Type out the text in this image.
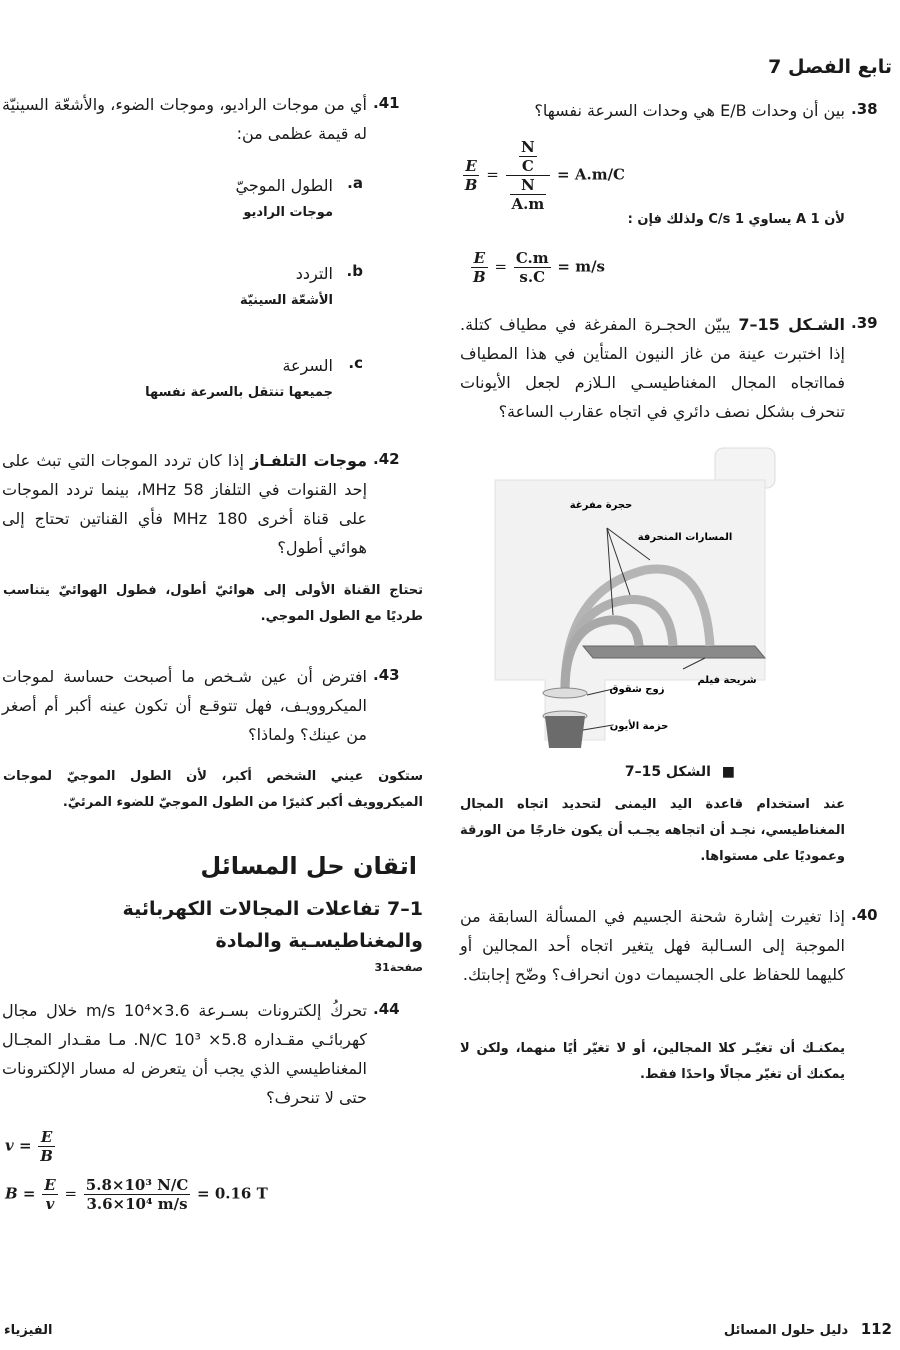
تابع الفصل 7
.38

بين أن وحدات E/B هي وحدات السرعة نفسها؟

$\frac{E}{B} = \frac{\frac{N}{C}}{\frac{N}{A.m}} = A.m/C$
لأن 1 A يساوي 1 C/s ولذلك فإن :
$\frac{E}{B} = \frac{C.m}{s.C} = m/s$
.39

الشـكل 15–7 يبيّن الحجـرة المفرغة في مطياف كتلة. إذا اختبرت عينة من غاز النيون المتأين في هذا المطياف فمااتجاه المجال المغناطيسـي الـلازم لجعل الأيونات تنحرف بشكل نصف دائري في اتجاه عقارب الساعة؟

حجرة مفرغة
المسارات المنحرفة
شريحة فيلم
زوج شقوق
حزمة الأيون
■ الشكل 15–7

عند استخدام قاعدة اليد اليمنى لتحديد اتجاه المجال المغناطيسي، نجـد أن اتجاهه يجـب أن يكون خارجًا من الورقة وعموديًا على مستواها.

.40

إذا تغيرت إشارة شحنة الجسيم في المسألة السابقة من الموجبة إلى السـالبة فهل يتغير اتجاه أحد المجالين أو كليهما للحفاظ على الجسيمات دون انحراف؟ وضّح إجابتك.

يمكنـك أن تغيّـر كلا المجالين، أو لا تغيّر أيًا منهما، ولكن لا يمكنك أن تغيّر مجالًا واحدًا فقط.

.41

أي من موجات الراديو، وموجات الضوء، والأشعّة السينيّة له قيمة عظمى من:

a.

الطول الموجيّ

موجات الراديو

b.

التردد

الأشعّة السينيّة

c.

السرعة

جميعها تنتقل بالسرعة نفسها

.42

موجات التلفـاز إذا كان تردد الموجات التي تبث على إحد القنوات في التلفاز 58 MHz، بينما تردد الموجات على قناة أخرى 180 MHz فأي القناتين تحتاج إلى هوائي أطول؟

تحتاج القناة الأولى إلى هوائيّ أطول، فطول الهوائيّ يتناسب طرديًا مع الطول الموجي.

.43

افترض أن عين شـخص ما أصبحت حساسة لموجات الميكروويـف، فهل تتوقـع أن تكون عينه أكبر أم أصغر من عينك؟ ولماذا؟

ستكون عيني الشخص أكبر، لأن الطول الموجيّ لموجات الميكروويف أكبر كثيرًا من الطول الموجيّ للضوء المرئيّ.

اتقان حل المسائل
1–7 تفاعلات المجالات الكهربائية والمغناطيسـية والمادة
صفحة31
.44

تحركُ إلكترونات بسـرعة 3.6×10⁴ m/s خلال مجال كهربائـي مقـداره 5.8× 10³ N/C. مـا مقـدار المجـال المغناطيسي الذي يجب أن يتعرض له مسار الإلكترونات حتى لا تنحرف؟

$v = \frac{E}{B}$
$B = \frac{E}{v} = \frac{\text{5.8×10³ N/C}}{\text{3.6×10⁴ m/s}} = 0.16$ T
112 دليل حلول المسائل
الفيزياء
